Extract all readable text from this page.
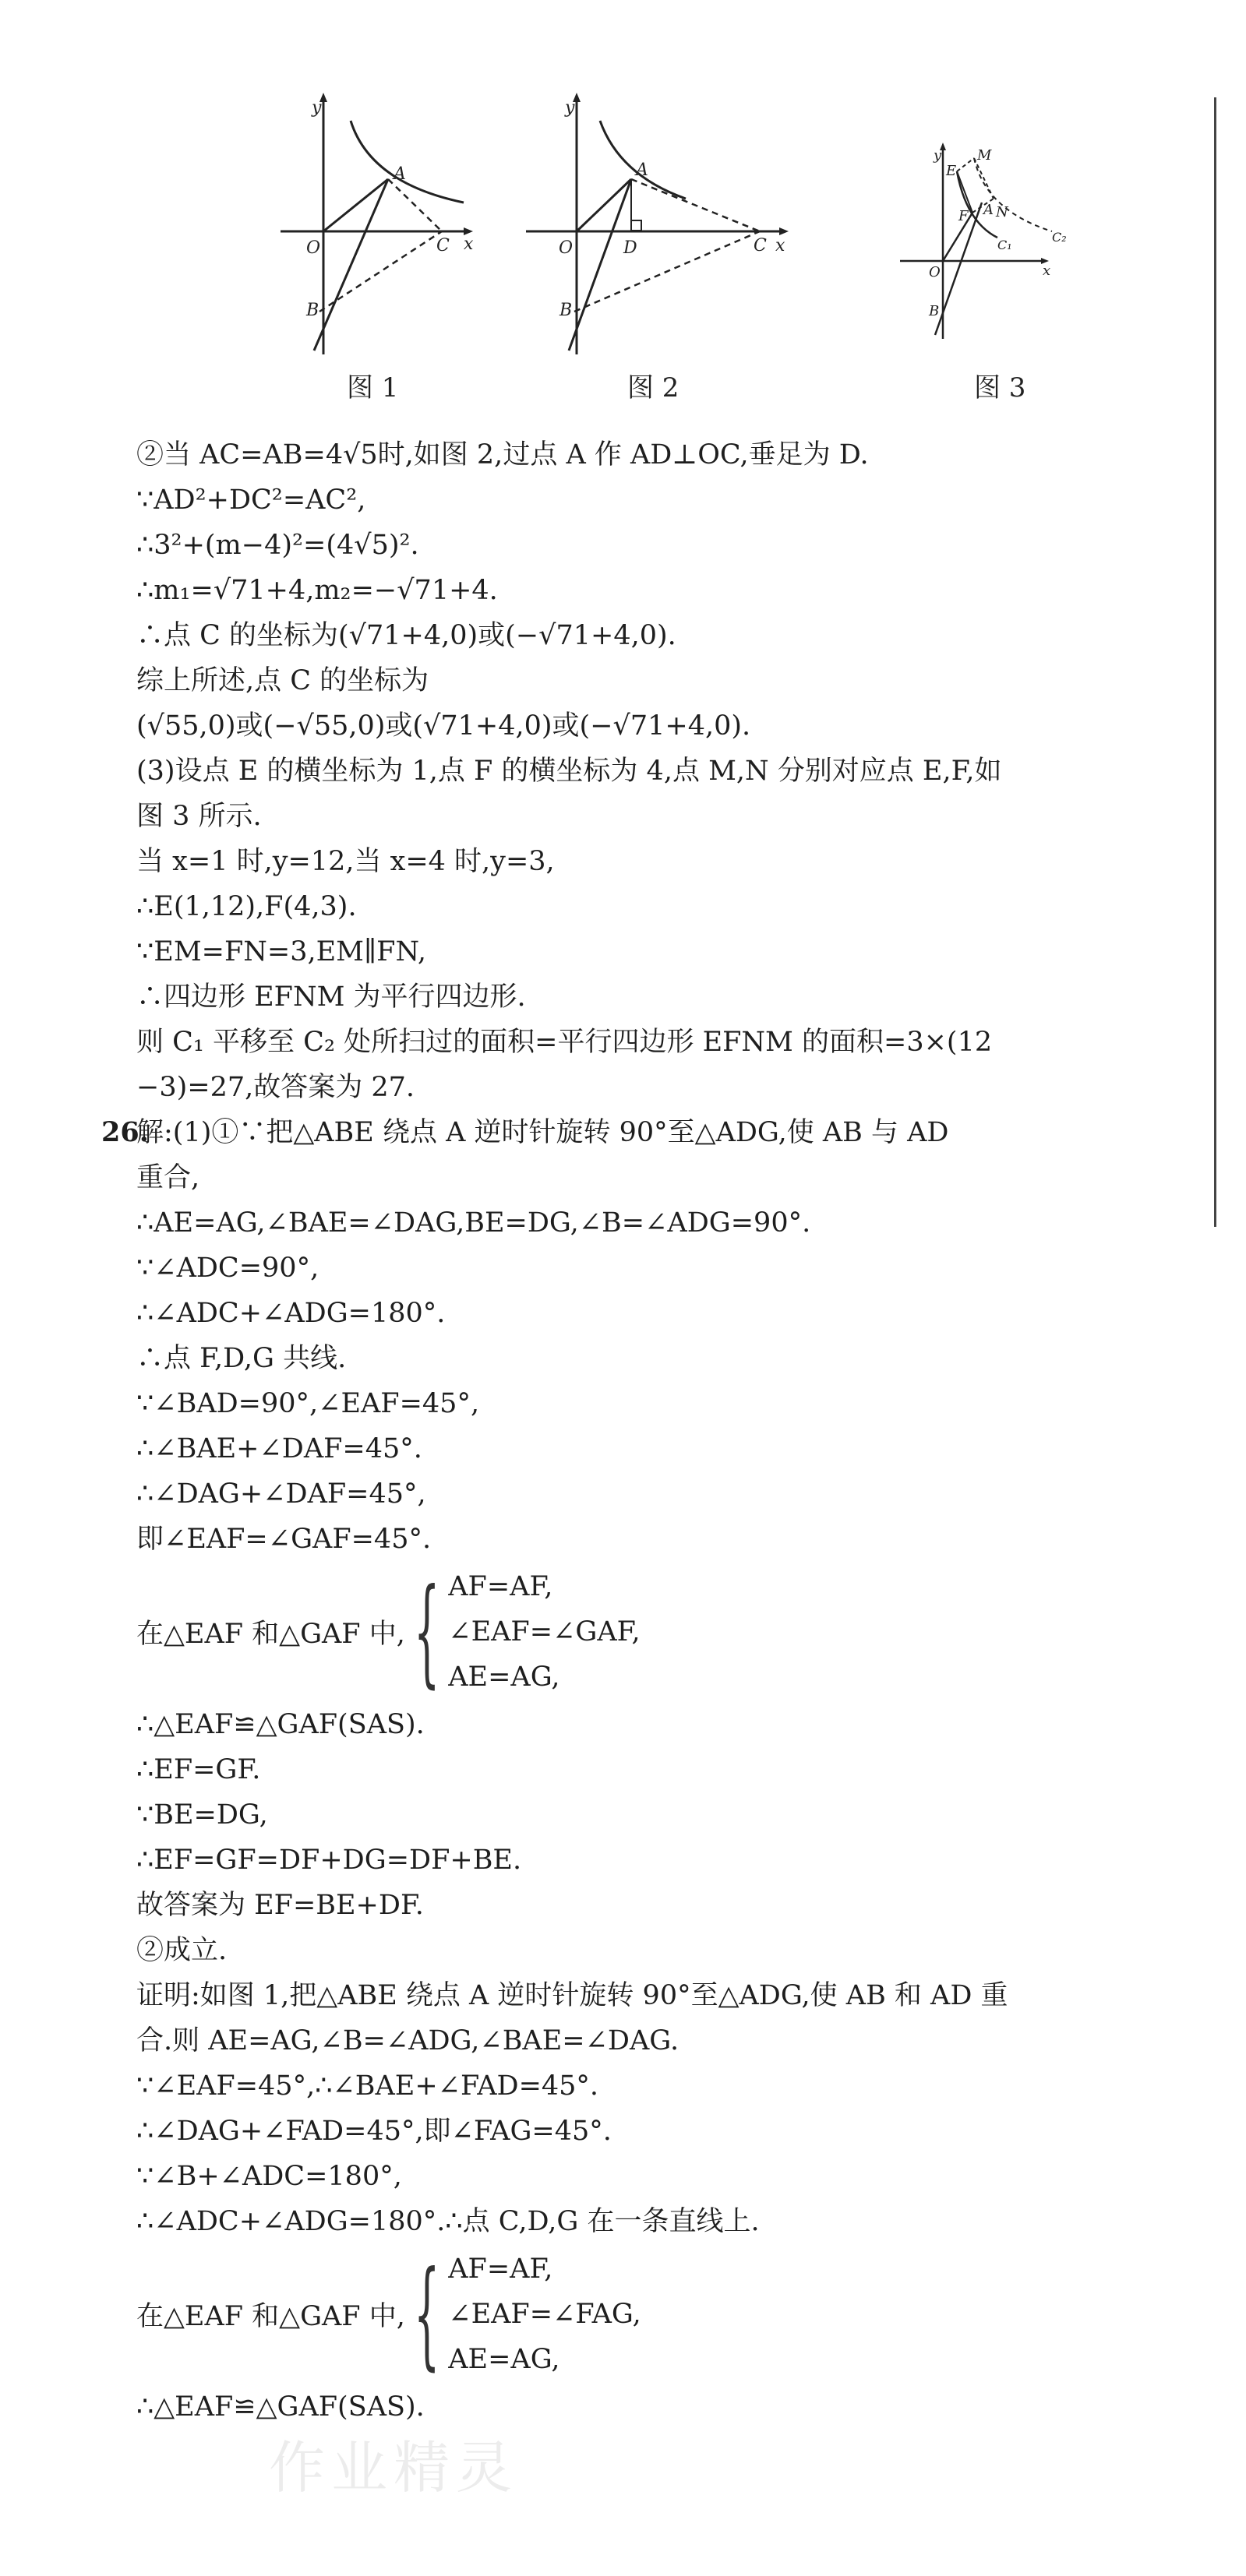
y
x
O
A
B
C
图 1
y
x
O
A
D
B
C
图 2
y
x
O
B
E
M
F A N
C₁
C₂
图 3
②当 AC=AB=4√5时,如图 2,过点 A 作 AD⊥OC,垂足为 D.
∵AD²+DC²=AC²,
∴3²+(m−4)²=(4√5)².
∴m₁=√71+4,m₂=−√71+4.
∴点 C 的坐标为(√71+4,0)或(−√71+4,0).
综上所述,点 C 的坐标为
(√55,0)或(−√55,0)或(√71+4,0)或(−√71+4,0).
(3)设点 E 的横坐标为 1,点 F 的横坐标为 4,点 M,N 分别对应点 E,F,如
图 3 所示.
当 x=1 时,y=12,当 x=4 时,y=3,
∴E(1,12),F(4,3).
∵EM=FN=3,EM∥FN,
∴四边形 EFNM 为平行四边形.
则 C₁ 平移至 C₂ 处所扫过的面积=平行四边形 EFNM 的面积=3×(12
−3)=27,故答案为 27.
26.
解:(1)①∵把△ABE 绕点 A 逆时针旋转 90°至△ADG,使 AB 与 AD
重合,
∴AE=AG,∠BAE=∠DAG,BE=DG,∠B=∠ADG=90°.
∵∠ADC=90°,
∴∠ADC+∠ADG=180°.
∴点 F,D,G 共线.
∵∠BAD=90°,∠EAF=45°,
∴∠BAE+∠DAF=45°.
∴∠DAG+∠DAF=45°,
即∠EAF=∠GAF=45°.
在△EAF 和△GAF 中, { AF=AF,
∠EAF=∠GAF,
AE=AG,
∴△EAF≌△GAF(SAS).
∴EF=GF.
∵BE=DG,
∴EF=GF=DF+DG=DF+BE.
故答案为 EF=BE+DF.
②成立.
证明:如图 1,把△ABE 绕点 A 逆时针旋转 90°至△ADG,使 AB 和 AD 重
合.则 AE=AG,∠B=∠ADG,∠BAE=∠DAG.
∵∠EAF=45°,∴∠BAE+∠FAD=45°.
∴∠DAG+∠FAD=45°,即∠FAG=45°.
∵∠B+∠ADC=180°,
∴∠ADC+∠ADG=180°.∴点 C,D,G 在一条直线上.
在△EAF 和△GAF 中, { AF=AF,
∠EAF=∠FAG,
AE=AG,
∴△EAF≌△GAF(SAS).
作业精灵
